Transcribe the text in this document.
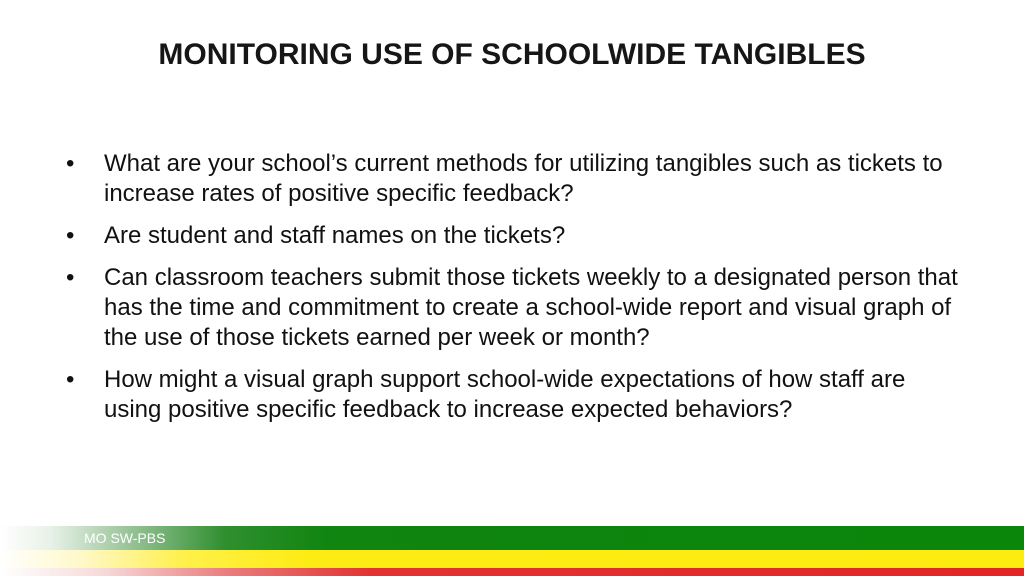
MONITORING USE OF SCHOOLWIDE TANGIBLES
•	What are your school’s current methods for utilizing tangibles such as tickets to increase rates of positive specific feedback?
•	Are student and staff names on the tickets?
•	Can classroom teachers submit those tickets weekly to a designated person that has the time and commitment to create a school-wide report and visual graph of the use of those tickets earned per week or month?
•	How might a visual graph support school-wide expectations of how staff are using positive specific feedback to increase expected behaviors?
MO SW-PBS
